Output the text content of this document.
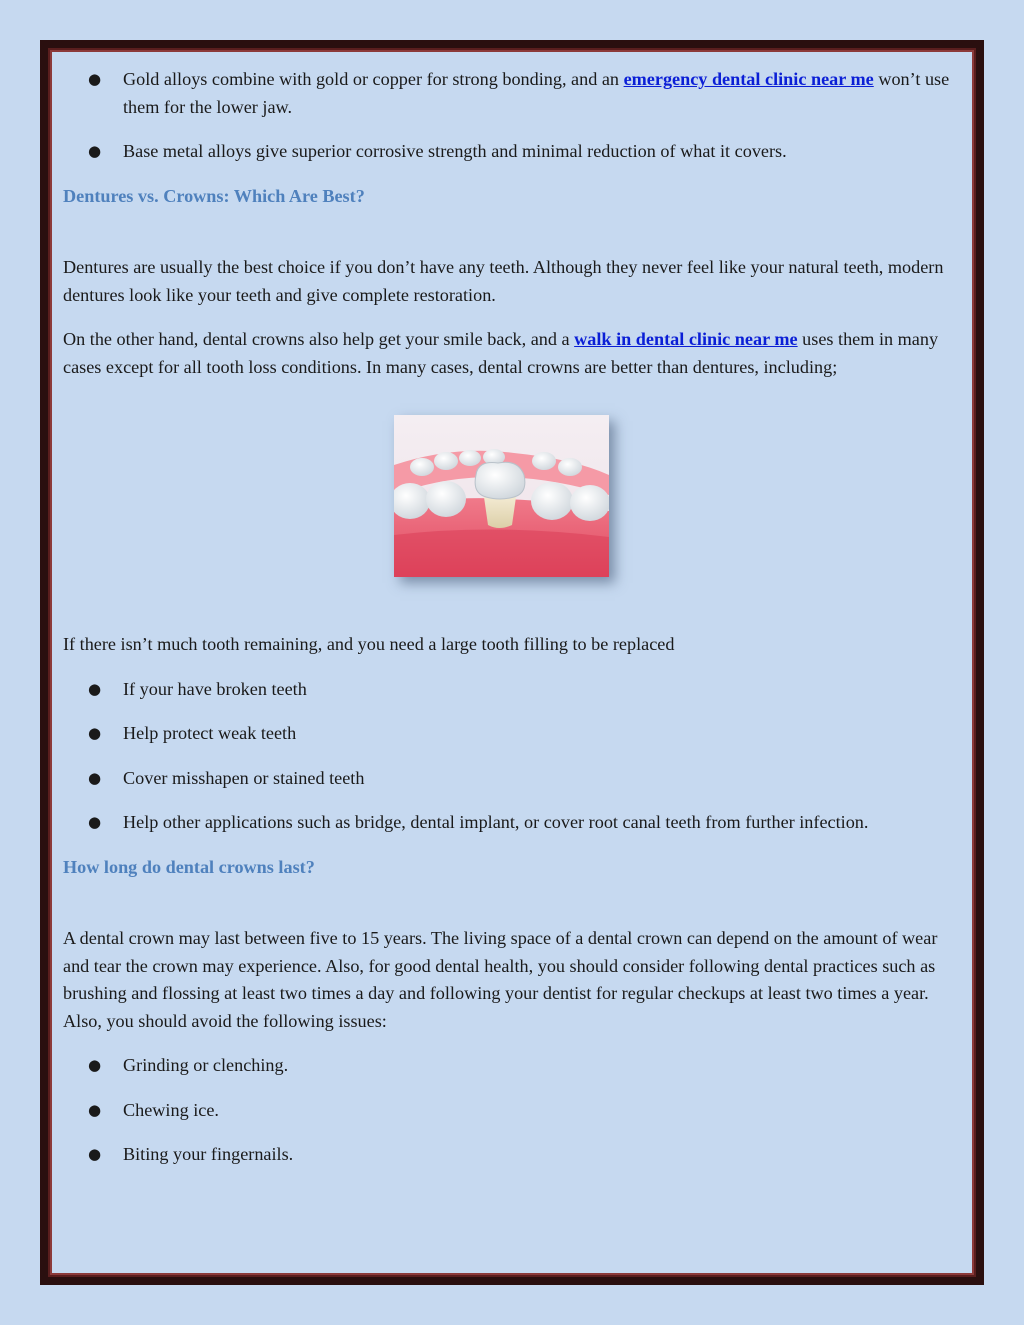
● Gold alloys combine with gold or copper for strong bonding, and an emergency dental clinic near me won’t use them for the lower jaw.
● Base metal alloys give superior corrosive strength and minimal reduction of what it covers.
Dentures vs. Crowns: Which Are Best?

Dentures are usually the best choice if you don’t have any teeth. Although they never feel like your natural teeth, modern dentures look like your teeth and give complete restoration.

On the other hand, dental crowns also help get your smile back, and a walk in dental clinic near me uses them in many cases except for all tooth loss conditions. In many cases, dental crowns are better than dentures, including;

If there isn’t much tooth remaining, and you need a large tooth filling to be replaced

● If your have broken teeth
● Help protect weak teeth
● Cover misshapen or stained teeth
● Help other applications such as bridge, dental implant, or cover root canal teeth from further infection.
How long do dental crowns last?

A dental crown may last between five to 15 years. The living space of a dental crown can depend on the amount of wear and tear the crown may experience. Also, for good dental health, you should consider following dental practices such as brushing and flossing at least two times a day and following your dentist for regular checkups at least two times a year. Also, you should avoid the following issues:

● Grinding or clenching.
● Chewing ice.
● Biting your fingernails.
